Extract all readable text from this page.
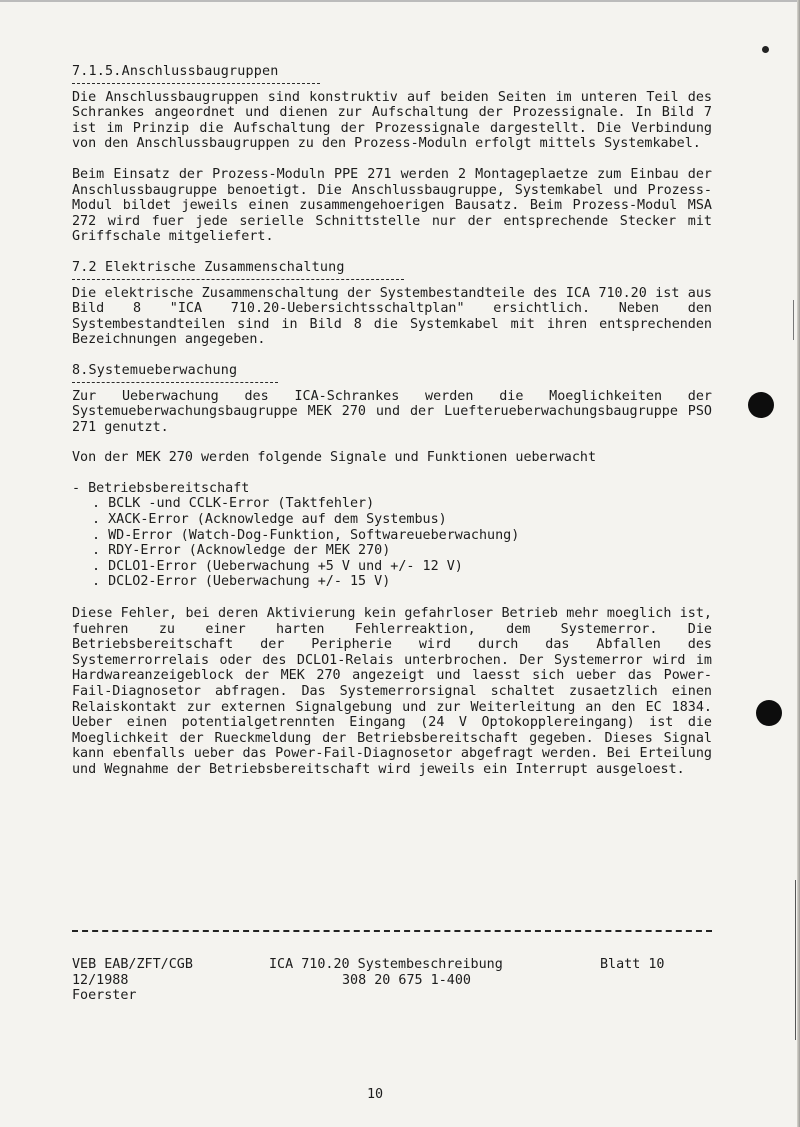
7.1.5.Anschlussbaugruppen

Die Anschlussbaugruppen sind konstruktiv auf beiden Seiten im unteren Teil des Schrankes angeordnet und dienen zur Aufschaltung der Prozessignale. In Bild 7 ist im Prinzip die Aufschaltung der Prozessignale dargestellt. Die Verbindung von den Anschlussbaugruppen zu den Prozess-Moduln erfolgt mittels Systemkabel.

Beim Einsatz der Prozess-Moduln PPE 271 werden 2 Montageplaetze zum Einbau der Anschlussbaugruppe benoetigt. Die Anschlussbaugruppe, Systemkabel und Prozess-Modul bildet jeweils einen zusammengehoerigen Bausatz. Beim Prozess-Modul MSA 272 wird fuer jede serielle Schnittstelle nur der entsprechende Stecker mit Griffschale mitgeliefert.

7.2 Elektrische Zusammenschaltung

Die elektrische Zusammenschaltung der Systembestandteile des ICA 710.20 ist aus Bild 8 "ICA 710.20-Uebersichtsschaltplan" ersichtlich. Neben den Systembestandteilen sind in Bild 8 die Systemkabel mit ihren entsprechenden Bezeichnungen angegeben.

8.Systemueberwachung

Zur Ueberwachung des ICA-Schrankes werden die Moeglichkeiten der Systemueberwachungsbaugruppe MEK 270 und der Luefterueberwachungsbaugruppe PSO 271 genutzt.

Von der MEK 270 werden folgende Signale und Funktionen ueberwacht

- Betriebsbereitschaft

. BCLK -und CCLK-Error (Taktfehler)
. XACK-Error (Acknowledge auf dem Systembus)
. WD-Error (Watch-Dog-Funktion, Softwareueberwachung)
. RDY-Error (Acknowledge der MEK 270)
. DCLO1-Error (Ueberwachung +5 V und +/- 12 V)
. DCLO2-Error (Ueberwachung +/- 15 V)

Diese Fehler, bei deren Aktivierung kein gefahrloser Betrieb mehr moeglich ist, fuehren zu einer harten Fehlerreaktion, dem Systemerror. Die Betriebsbereitschaft der Peripherie wird durch das Abfallen des Systemerrorrelais oder des DCLO1-Relais unterbrochen. Der Systemerror wird im Hardwareanzeigeblock der MEK 270 angezeigt und laesst sich ueber das Power-Fail-Diagnosetor abfragen. Das Systemerrorsignal schaltet zusaetzlich einen Relaiskontakt zur externen Signalgebung und zur Weiterleitung an den EC 1834. Ueber einen potentialgetrennten Eingang (24 V Optokopplereingang) ist die Moeglichkeit der Rueckmeldung der Betriebsbereitschaft gegeben. Dieses Signal kann ebenfalls ueber das Power-Fail-Diagnosetor abgefragt werden. Bei Erteilung und Wegnahme der Betriebsbereitschaft wird jeweils ein Interrupt ausgeloest.

VEB EAB/ZFT/CGB	ICA 710.20 Systembeschreibung	Blatt 10
12/1988	308 20 675 1-400
Foerster
10
